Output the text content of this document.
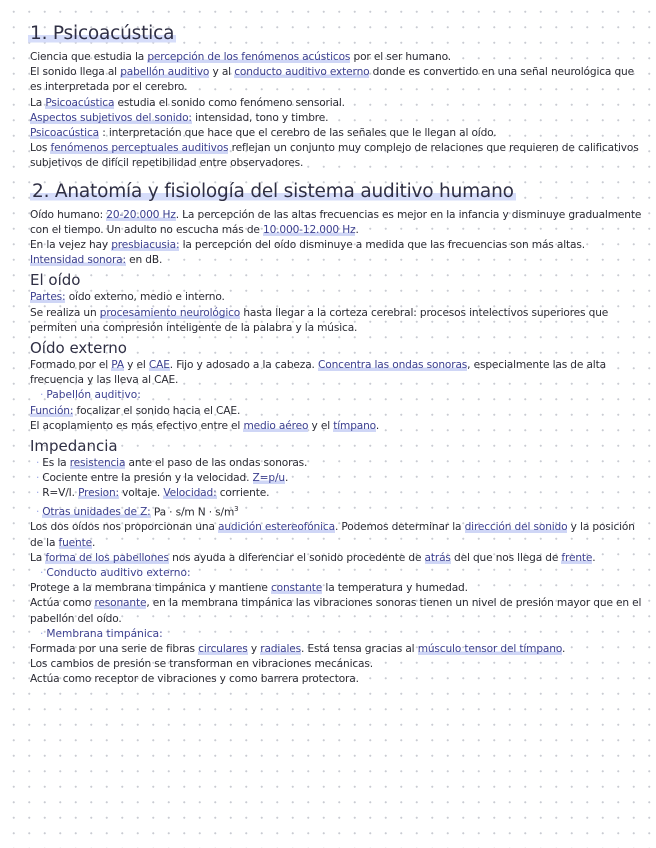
1. Psicoacústica

Ciencia que estudia la percepción de los fenómenos acústicos por el ser humano.

El sonido llega al pabellón auditivo y al conducto auditivo externo donde es convertido en una señal neurológica que es interpretada por el cerebro.

La Psicoacústica estudia el sonido como fenómeno sensorial.

Aspectos subjetivos del sonido: intensidad, tono y timbre.

Psicoacústica : interpretación que hace que el cerebro de las señales que le llegan al oído.

Los fenómenos perceptuales auditivos reflejan un conjunto muy complejo de relaciones que requieren de calificativos subjetivos de difícil repetibilidad entre observadores.

2. Anatomía y fisiología del sistema auditivo humano

Oído humano: 20-20.000 Hz. La percepción de las altas frecuencias es mejor en la infancia y disminuye gradualmente con el tiempo. Un adulto no escucha más de 10.000-12.000 Hz.

En la vejez hay presbiacusia: la percepción del oído disminuye a medida que las frecuencias son más altas.

Intensidad sonora: en dB.

El oído

Partes: oído externo, medio e interno.

Se realiza un procesamiento neurológico hasta llegar a la corteza cerebral: procesos intelectivos superiores que permiten una compresión inteligente de la palabra y la música.

Oído externo

Formado por el PA y el CAE. Fijo y adosado a la cabeza. Concentra las ondas sonoras, especialmente las de alta frecuencia y las lleva al CAE.

· Pabellón auditivo:

Función: focalizar el sonido hacia el CAE.

El acoplamiento es más efectivo entre el medio aéreo y el tímpano.

Impedancia

· Es la resistencia ante el paso de las ondas sonoras.

· Cociente entre la presión y la velocidad. Z=p/u.

· R=V/I. Presion: voltaje. Velocidad: corriente.

· Otras unidades de Z: Pa · s/m $N \cdot s/m^3$

Los dos oídos nos proporcionan una audición estereofónica. Podemos determinar la dirección del sonido y la posición de la fuente.

La forma de los pabellones nos ayuda a diferenciar el sonido procedente de atrás del que nos llega de frente.

· Conducto auditivo externo:

Protege a la membrana timpánica y mantiene constante la temperatura y humedad.

Actúa como resonante, en la membrana timpánica las vibraciones sonoras tienen un nivel de presión mayor que en el pabellón del oído.

· Membrana timpánica:

Formada por una serie de fibras circulares y radiales. Está tensa gracias al músculo tensor del tímpano.

Los cambios de presión se transforman en vibraciones mecánicas.

Actúa como receptor de vibraciones y como barrera protectora.
